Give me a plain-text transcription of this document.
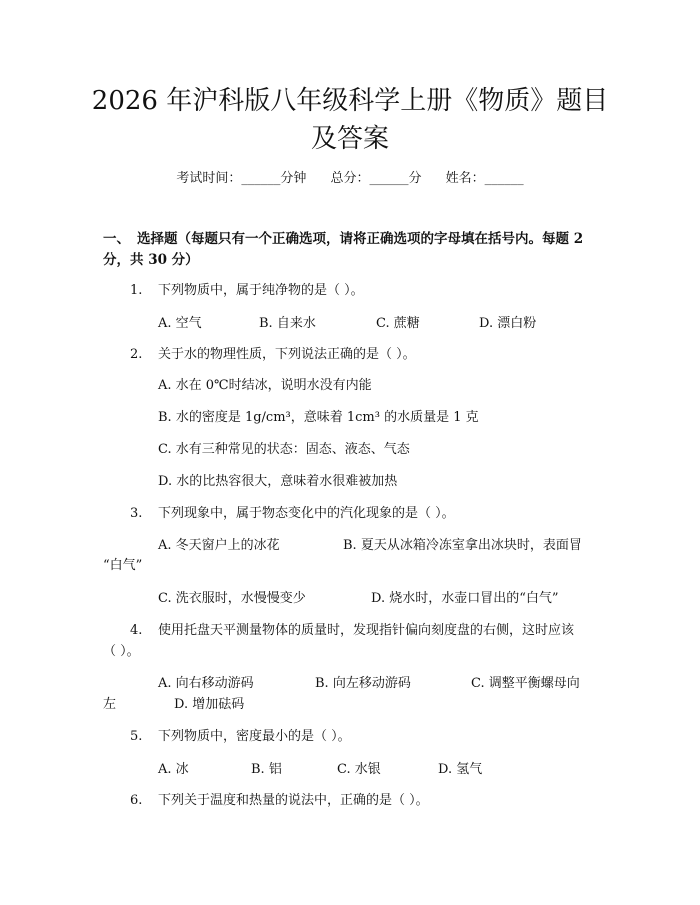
2026 年沪科版八年级科学上册《物质》题目
及答案
考试时间：______分钟 总分：______分 姓名：______
一、 选择题（每题只有一个正确选项，请将正确选项的字母填在括号内。每题 2
分，共 30 分）
1. 下列物质中，属于纯净物的是（ ）。
A. 空气	B. 自来水	C. 蔗糖	D. 漂白粉
2. 关于水的物理性质，下列说法正确的是（ ）。
A. 水在 0℃时结冰，说明水没有内能
B. 水的密度是 1g/cm³，意味着 1cm³ 的水质量是 1 克
C. 水有三种常见的状态：固态、液态、气态
D. 水的比热容很大，意味着水很难被加热
3. 下列现象中，属于物态变化中的汽化现象的是（ ）。
A. 冬天窗户上的冰花	B. 夏天从冰箱冷冻室拿出冰块时，表面冒
“白气”
C. 洗衣服时，水慢慢变少	D. 烧水时，水壶口冒出的“白气”
4. 使用托盘天平测量物体的质量时，发现指针偏向刻度盘的右侧，这时应该
（ ）。
A. 向右移动游码	B. 向左移动游码	C. 调整平衡螺母向
左	D. 增加砝码
5. 下列物质中，密度最小的是（ ）。
A. 冰	B. 铝	C. 水银	D. 氢气
6. 下列关于温度和热量的说法中，正确的是（ ）。
